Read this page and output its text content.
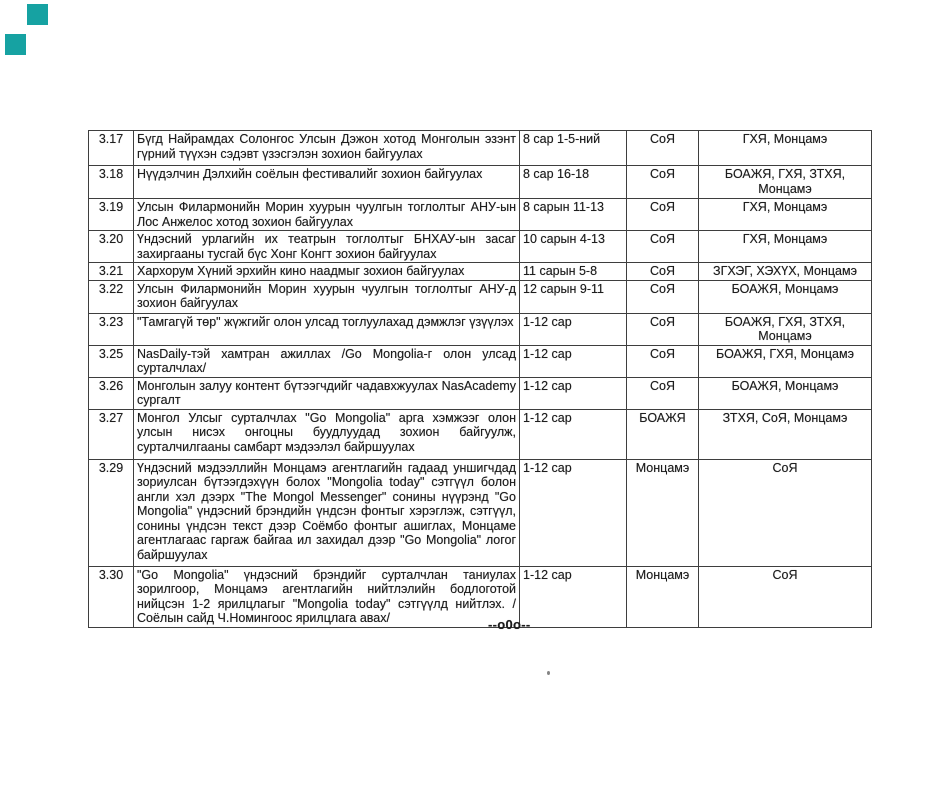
3.17	Бүгд Найрамдах Солонгос Улсын Дэжон хотод Монголын эзэнт гүрний түүхэн сэдэвт үзэсгэлэн зохион байгуулах	8 сар 1-5-ний	СоЯ	ГХЯ, Монцамэ
3.18	Нүүдэлчин Дэлхийн соёлын фестивалийг зохион байгуулах	8 сар 16-18	СоЯ	БОАЖЯ, ГХЯ, ЗТХЯ, Монцамэ
3.19	Улсын Филармонийн Морин хуурын чуулгын тоглолтыг АНУ-ын Лос Анжелос хотод зохион байгуулах	8 сарын 11-13	СоЯ	ГХЯ, Монцамэ
3.20	Үндэсний урлагийн их театрын тоглолтыг БНХАУ-ын засаг захиргааны тусгай бүс Хонг Конгт зохион байгуулах	10 сарын 4-13	СоЯ	ГХЯ, Монцамэ
3.21	Хархорум Хүний эрхийн кино наадмыг зохион байгуулах	11 сарын 5-8	СоЯ	ЗГХЭГ, ХЭХҮХ, Монцамэ
3.22	Улсын Филармонийн Морин хуурын чуулгын тоглолтыг АНУ-д зохион байгуулах	12 сарын 9-11	СоЯ	БОАЖЯ, Монцамэ
3.23	"Тамгагүй төр" жүжгийг олон улсад тоглуулахад дэмжлэг үзүүлэх	1-12 сар	СоЯ	БОАЖЯ, ГХЯ, ЗТХЯ, Монцамэ
3.25	NasDaily-тэй хамтран ажиллах /Go Mongolia-г олон улсад сурталчлах/	1-12 сар	СоЯ	БОАЖЯ, ГХЯ, Монцамэ
3.26	Монголын залуу контент бүтээгчдийг чадавхжуулах NasAcademy сургалт	1-12 сар	СоЯ	БОАЖЯ, Монцамэ
3.27	Монгол Улсыг сурталчлах "Go Mongolia" арга хэмжээг олон улсын нисэх онгоцны буудлуудад зохион байгуулж, сурталчилгааны самбарт мэдээлэл байршуулах	1-12 сар	БОАЖЯ	ЗТХЯ, СоЯ, Монцамэ
3.29	Үндэсний мэдээллийн Монцамэ агентлагийн гадаад уншигчдад зориулсан бүтээгдэхүүн болох "Mongolia today" сэтгүүл болон англи хэл дээрх "The Mongol Messenger" сонины нүүрэнд "Go Mongolia" үндэсний брэндийн үндсэн фонтыг хэрэглэж, сэтгүүл, сонины үндсэн текст дээр Соёмбо фонтыг ашиглах, Монцаме агентлагаас гаргаж байгаа ил захидал дээр "Go Mongolia" логог байршуулах	1-12 сар	Монцамэ	СоЯ
3.30	"Go Mongolia" үндэсний брэндийг сурталчлан таниулах зорилгоор, Монцамэ агентлагийн нийтлэлийн бодлоготой нийцсэн 1-2 ярилцлагыг "Mongolia today" сэтгүүлд нийтлэх. /Соёлын сайд Ч.Номингоос ярилцлага авах/	1-12 сар	Монцамэ	СоЯ
--о0о--
